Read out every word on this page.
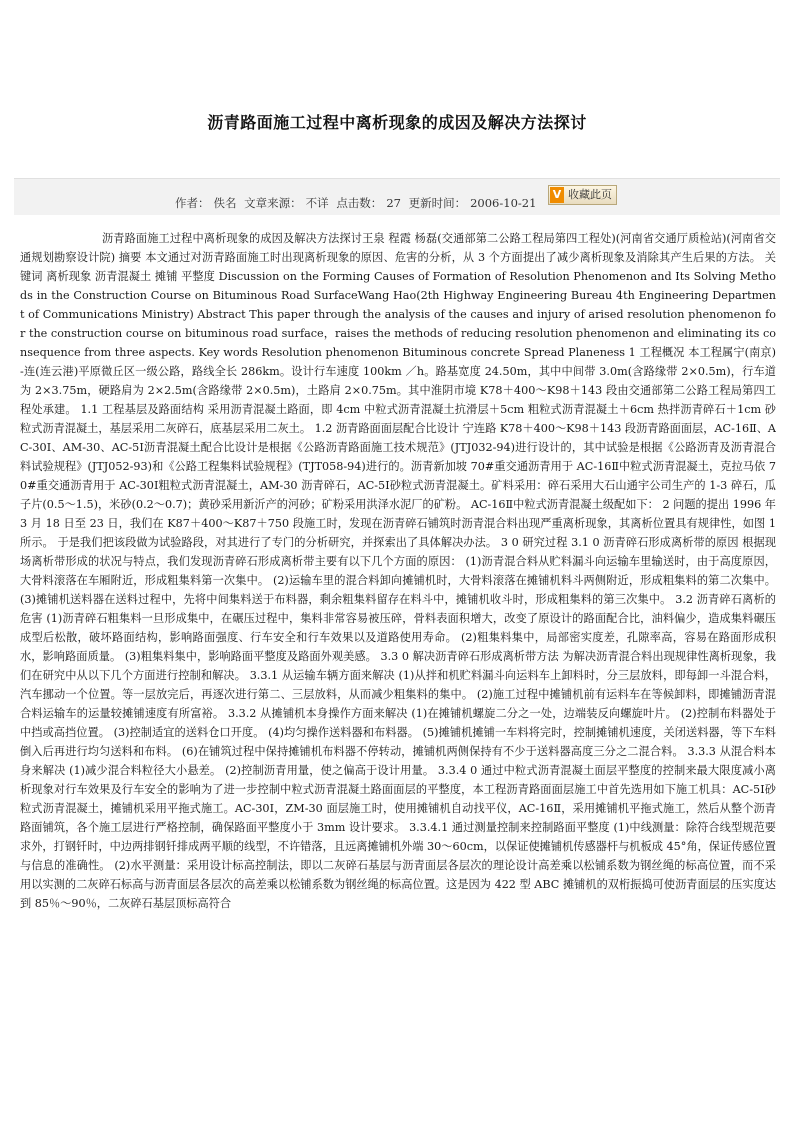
沥青路面施工过程中离析现象的成因及解决方法探讨
作者： 佚名 文章来源： 不详 点击数： 27 更新时间： 2006-10-21
V 收藏此页

沥青路面施工过程中离析现象的成因及解决方法探讨王泉 程霞 杨磊(交通部第二公路工程局第四工程处)(河南省交通厅质检站)(河南省交通规划勘察设计院) 摘要 本文通过对沥青路面施工时出现离析现象的原因、危害的分析，从 3 个方面提出了减少离析现象及消除其产生后果的方法。 关键词 离析现象 沥青混凝土 摊铺 平整度 Discussion on the Forming Causes of Formation of Resolution Phenomenon and Its Solving Methods in the Construction Course on Bituminous Road SurfaceWang Hao(2th Highway Engineering Bureau 4th Engineering Department of Communications Ministry) Abstract This paper through the analysis of the causes and injury of arised resolution phenomenon for the construction course on bituminous road surface，raises the methods of reducing resolution phenomenon and eliminating its consequence from three aspects. Key words Resolution phenomenon Bituminous concrete Spread Planeness 1 工程概况 本工程属宁(南京)-连(连云港)平原微丘区一级公路，路线全长 286km。设计行车速度 100km ／h。路基宽度 24.50m，其中中间带 3.0m(含路缘带 2×0.5m)，行车道为 2×3.75m，硬路肩为 2×2.5m(含路缘带 2×0.5m)，土路肩 2×0.75m。其中淮阴市境 K78＋400～K98＋143 段由交通部第二公路工程局第四工程处承建。 1.1 工程基层及路面结构 采用沥青混凝土路面，即 4cm 中粒式沥青混凝土抗滑层＋5cm 粗粒式沥青混凝土＋6cm 热拌沥青碎石＋1cm 砂粒式沥青混凝土，基层采用二灰碎石，底基层采用二灰土。 1.2 沥青路面面层配合比设计 宁连路 K78＋400～K98＋143 段沥青路面面层，AC-16Ⅱ、AC-30Ⅰ、AM-30、AC-5Ⅰ沥青混凝土配合比设计是根据《公路沥青路面施工技术规范》(JTJ032-94)进行设计的，其中试验是根据《公路沥青及沥青混合料试验规程》(JTJ052-93)和《公路工程集料试验规程》(TJT058-94)进行的。沥青新加坡 70#重交通沥青用于 AC-16Ⅱ中粒式沥青混凝土，克拉马依 70#重交通沥青用于 AC-30Ⅰ粗粒式沥青混凝土，AM-30 沥青碎石，AC-5Ⅰ砂粒式沥青混凝土。矿料采用：碎石采用大石山通宇公司生产的 1-3 碎石，瓜子片(0.5～1.5)，米砂(0.2～0.7)；黄砂采用新沂产的河砂；矿粉采用洪泽水泥厂的矿粉。 AC-16Ⅱ中粒式沥青混凝土级配如下： 2 问题的提出 1996 年 3 月 18 日至 23 日，我们在 K87＋400～K87＋750 段施工时，发现在沥青碎石铺筑时沥青混合料出现严重离析现象，其离析位置具有规律性，如图 1 所示。 于是我们把该段做为试验路段，对其进行了专门的分析研究，并探索出了具体解决办法。 3 0 研究过程 3.1 0 沥青碎石形成离析带的原因 根据现场离析带形成的状况与特点，我们发现沥青碎石形成离析带主要有以下几个方面的原因： (1)沥青混合料从贮料漏斗向运输车里输送时，由于高度原因，大骨料滚落在车厢附近，形成粗集料第一次集中。 (2)运输车里的混合料卸向摊铺机时，大骨料滚落在摊铺机料斗两侧附近，形成粗集料的第二次集中。 (3)摊铺机送料器在送料过程中，先将中间集料送于布料器，剩余粗集料留存在料斗中，摊铺机收斗时，形成粗集料的第三次集中。 3.2 沥青碎石离析的危害 (1)沥青碎石粗集料一旦形成集中，在碾压过程中，集料非常容易被压碎，骨料表面积增大，改变了原设计的路面配合比，油料偏少，造成集料碾压成型后松散，破坏路面结构，影响路面强度、行车安全和行车效果以及道路使用寿命。 (2)粗集料集中，局部密实度差，孔隙率高，容易在路面形成积水，影响路面质量。 (3)粗集料集中，影响路面平整度及路面外观美感。 3.3 0 解决沥青碎石形成离析带方法 为解决沥青混合料出现规律性离析现象，我们在研究中从以下几个方面进行控制和解决。 3.3.1 从运输车辆方面来解决 (1)从拌和机贮料漏斗向运料车上卸料时，分三层放料，即每卸一斗混合料，汽车挪动一个位置。等一层放完后，再逐次进行第二、三层放料，从而减少粗集料的集中。 (2)施工过程中摊铺机前有运料车在等候卸料，即摊铺沥青混合料运输车的运量较摊铺速度有所富裕。 3.3.2 从摊铺机本身操作方面来解决 (1)在摊铺机螺旋二分之一处，边端装反向螺旋叶片。 (2)控制布料器处于中挡或高挡位置。 (3)控制适宜的送料仓口开度。 (4)均匀操作送料器和布料器。 (5)摊铺机摊铺一车料将完时，控制摊铺机速度，关闭送料器，等下车料倒入后再进行均匀送料和布料。 (6)在铺筑过程中保持摊铺机布料器不停转动，摊铺机两侧保持有不少于送料器高度三分之二混合料。 3.3.3 从混合料本身来解决 (1)减少混合料粒径大小悬差。 (2)控制沥青用量，使之偏高于设计用量。 3.3.4 0 通过中粒式沥青混凝土面层平整度的控制来最大限度减小离析现象对行车效果及行车安全的影响为了进一步控制中粒式沥青混凝土路面面层的平整度，本工程沥青路面面层施工中首先选用如下施工机具：AC-5Ⅰ砂粒式沥青混凝土，摊铺机采用平拖式施工。AC-30Ⅰ，ZM-30 面层施工时，使用摊铺机自动找平仪，AC-16Ⅱ，采用摊铺机平拖式施工，然后从整个沥青路面铺筑，各个施工层进行严格控制，确保路面平整度小于 3mm 设计要求。 3.3.4.1 通过测量控制来控制路面平整度 (1)中线测量：除符合线型规范要求外，打钢钎时，中边两排钢钎排成两平顺的线型，不许错落，且远离摊铺机外端 30～60cm，以保证使摊铺机传感器杆与机板成 45°角，保证传感位置与信息的准确性。 (2)水平测量：采用设计标高控制法，即以二灰碎石基层与沥青面层各层次的理论设计高差乘以松铺系数为钢丝绳的标高位置，而不采用以实测的二灰碎石标高与沥青面层各层次的高差乘以松铺系数为钢丝绳的标高位置。这是因为 422 型 ABC 摊铺机的双桁振捣可使沥青面层的压实度达到 85％～90％，二灰碎石基层顶标高符合
